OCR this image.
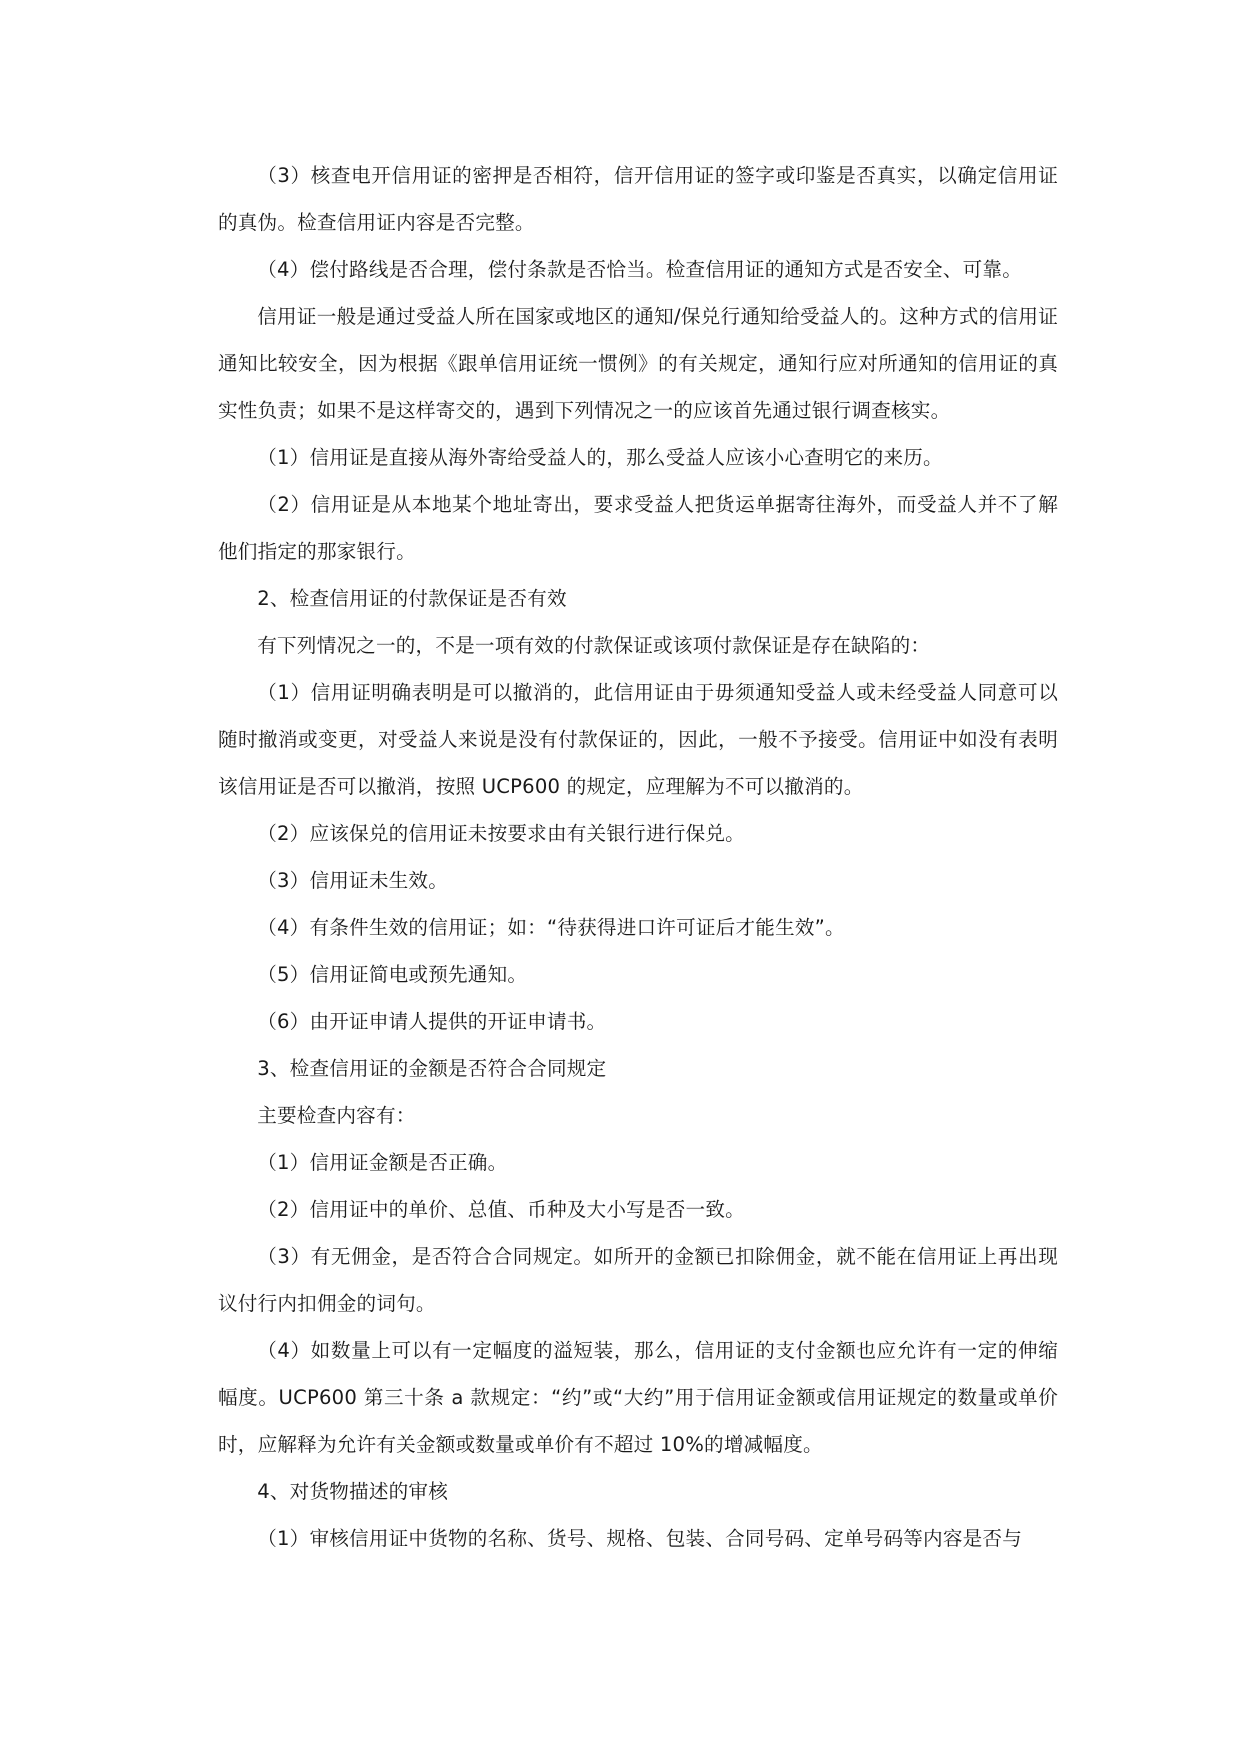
（3）核查电开信用证的密押是否相符，信开信用证的签字或印鉴是否真实，以确定信用证的真伪。检查信用证内容是否完整。

（4）偿付路线是否合理，偿付条款是否恰当。检查信用证的通知方式是否安全、可靠。

信用证一般是通过受益人所在国家或地区的通知/保兑行通知给受益人的。这种方式的信用证通知比较安全，因为根据《跟单信用证统一惯例》的有关规定，通知行应对所通知的信用证的真实性负责；如果不是这样寄交的，遇到下列情况之一的应该首先通过银行调查核实。

（1）信用证是直接从海外寄给受益人的，那么受益人应该小心查明它的来历。

（2）信用证是从本地某个地址寄出，要求受益人把货运单据寄往海外，而受益人并不了解他们指定的那家银行。

2、检查信用证的付款保证是否有效

有下列情况之一的，不是一项有效的付款保证或该项付款保证是存在缺陷的：

（1）信用证明确表明是可以撤消的，此信用证由于毋须通知受益人或未经受益人同意可以随时撤消或变更，对受益人来说是没有付款保证的，因此，一般不予接受。信用证中如没有表明该信用证是否可以撤消，按照 UCP600 的规定，应理解为不可以撤消的。

（2）应该保兑的信用证未按要求由有关银行进行保兑。

（3）信用证未生效。

（4）有条件生效的信用证；如：“待获得进口许可证后才能生效”。

（5）信用证简电或预先通知。

（6）由开证申请人提供的开证申请书。

3、检查信用证的金额是否符合合同规定

主要检查内容有：

（1）信用证金额是否正确。

（2）信用证中的单价、总值、币种及大小写是否一致。

（3）有无佣金，是否符合合同规定。如所开的金额已扣除佣金，就不能在信用证上再出现议付行内扣佣金的词句。

（4）如数量上可以有一定幅度的溢短装，那么，信用证的支付金额也应允许有一定的伸缩幅度。UCP600 第三十条 a 款规定：“约”或“大约”用于信用证金额或信用证规定的数量或单价时，应解释为允许有关金额或数量或单价有不超过 10%的增减幅度。

4、对货物描述的审核

（1）审核信用证中货物的名称、货号、规格、包装、合同号码、定单号码等内容是否与
